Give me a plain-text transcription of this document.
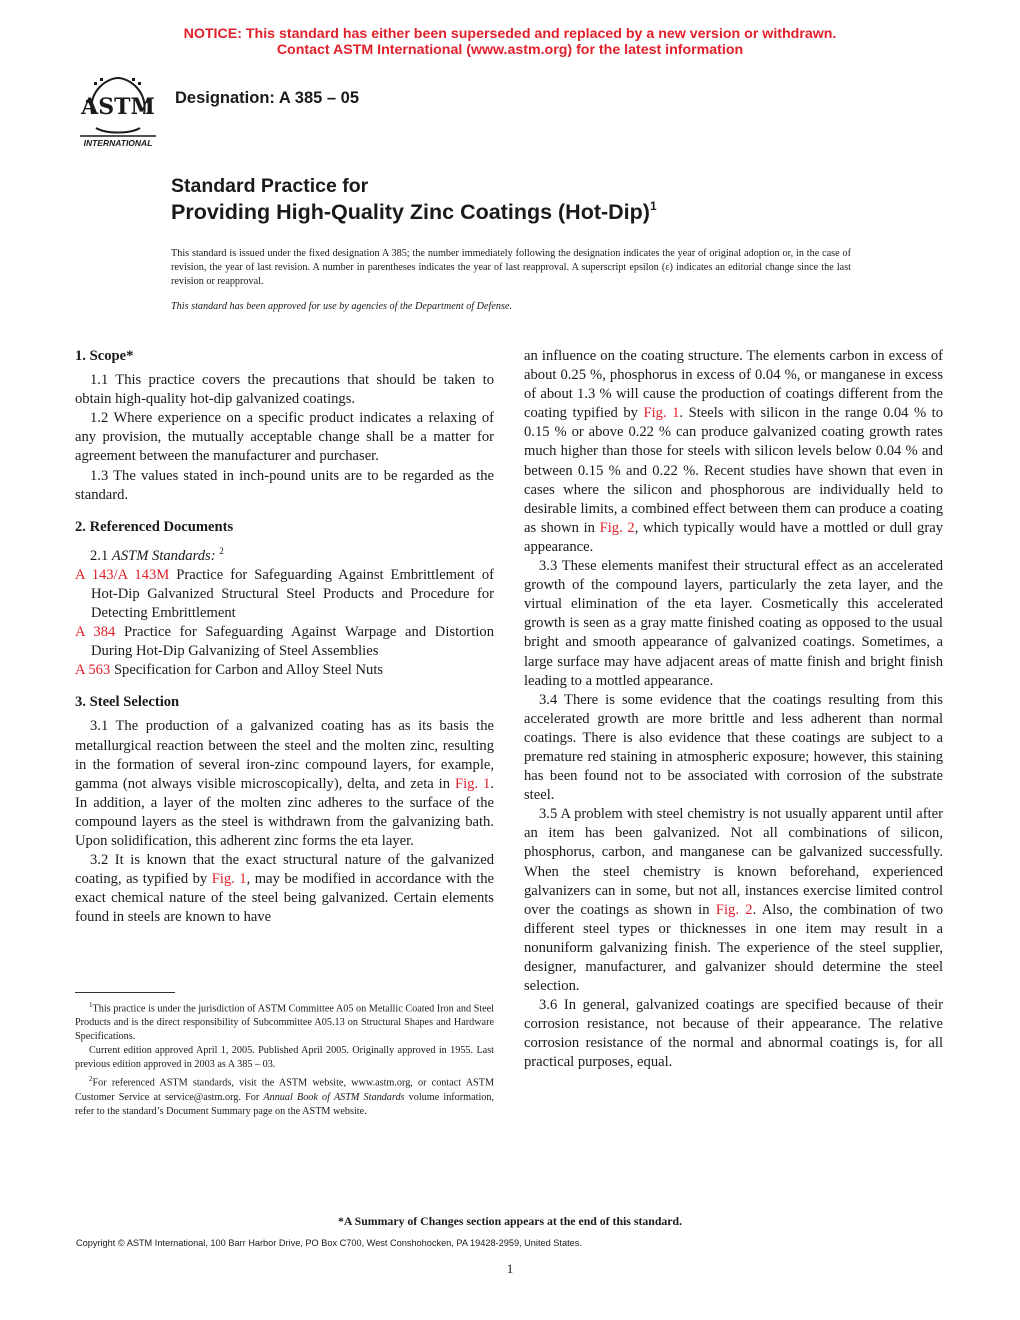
NOTICE: This standard has either been superseded and replaced by a new version or withdrawn.
Contact ASTM International (www.astm.org) for the latest information
ASTM
INTERNATIONAL
Designation: A 385 – 05
Standard Practice for
Providing High-Quality Zinc Coatings $(Hot-Dip)^1$
This standard is issued under the fixed designation A 385; the number immediately following the designation indicates the year of original adoption or, in the case of revision, the year of last revision. A number in parentheses indicates the year of last reapproval. A superscript epsilon (ε) indicates an editorial change since the last revision or reapproval.
This standard has been approved for use by agencies of the Department of Defense.
1. Scope*

1.1 This practice covers the precautions that should be taken to obtain high-quality hot-dip galvanized coatings.

1.2 Where experience on a specific product indicates a relaxing of any provision, the mutually acceptable change shall be a matter for agreement between the manufacturer and purchaser.

1.3 The values stated in inch-pound units are to be regarded as the standard.

2. Referenced Documents

2.1 ASTM Standards: $^2$

A 143/A 143M Practice for Safeguarding Against Embrittlement of Hot-Dip Galvanized Structural Steel Products and Procedure for Detecting Embrittlement

A 384 Practice for Safeguarding Against Warpage and Distortion During Hot-Dip Galvanizing of Steel Assemblies

A 563 Specification for Carbon and Alloy Steel Nuts

3. Steel Selection

3.1 The production of a galvanized coating has as its basis the metallurgical reaction between the steel and the molten zinc, resulting in the formation of several iron-zinc compound layers, for example, gamma (not always visible microscopically), delta, and zeta in Fig. 1. In addition, a layer of the molten zinc adheres to the surface of the compound layers as the steel is withdrawn from the galvanizing bath. Upon solidification, this adherent zinc forms the eta layer.

3.2 It is known that the exact structural nature of the galvanized coating, as typified by Fig. 1, may be modified in accordance with the exact chemical nature of the steel being galvanized. Certain elements found in steels are known to have

$^1$This practice is under the jurisdiction of ASTM Committee A05 on Metallic Coated Iron and Steel Products and is the direct responsibility of Subcommittee A05.13 on Structural Shapes and Hardware Specifications.

Current edition approved April 1, 2005. Published April 2005. Originally approved in 1955. Last previous edition approved in 2003 as A 385 – 03.

$^2$For referenced ASTM standards, visit the ASTM website, www.astm.org, or contact ASTM Customer Service at service@astm.org. For Annual Book of ASTM Standards volume information, refer to the standard’s Document Summary page on the ASTM website.

an influence on the coating structure. The elements carbon in excess of about 0.25 %, phosphorus in excess of 0.04 %, or manganese in excess of about 1.3 % will cause the production of coatings different from the coating typified by Fig. 1. Steels with silicon in the range 0.04 % to 0.15 % or above 0.22 % can produce galvanized coating growth rates much higher than those for steels with silicon levels below 0.04 % and between 0.15 % and 0.22 %. Recent studies have shown that even in cases where the silicon and phosphorous are individually held to desirable limits, a combined effect between them can produce a coating as shown in Fig. 2, which typically would have a mottled or dull gray appearance.

3.3 These elements manifest their structural effect as an accelerated growth of the compound layers, particularly the zeta layer, and the virtual elimination of the eta layer. Cosmetically this accelerated growth is seen as a gray matte finished coating as opposed to the usual bright and smooth appearance of galvanized coatings. Sometimes, a large surface may have adjacent areas of matte finish and bright finish leading to a mottled appearance.

3.4 There is some evidence that the coatings resulting from this accelerated growth are more brittle and less adherent than normal coatings. There is also evidence that these coatings are subject to a premature red staining in atmospheric exposure; however, this staining has been found not to be associated with corrosion of the substrate steel.

3.5 A problem with steel chemistry is not usually apparent until after an item has been galvanized. Not all combinations of silicon, phosphorus, carbon, and manganese can be galvanized successfully. When the steel chemistry is known beforehand, experienced galvanizers can in some, but not all, instances exercise limited control over the coatings as shown in Fig. 2. Also, the combination of two different steel types or thicknesses in one item may result in a nonuniform galvanizing finish. The experience of the steel supplier, designer, manufacturer, and galvanizer should determine the steel selection.

3.6 In general, galvanized coatings are specified because of their corrosion resistance, not because of their appearance. The relative corrosion resistance of the normal and abnormal coatings is, for all practical purposes, equal.

*A Summary of Changes section appears at the end of this standard.
Copyright © ASTM International, 100 Barr Harbor Drive, PO Box C700, West Conshohocken, PA 19428-2959, United States.
1
